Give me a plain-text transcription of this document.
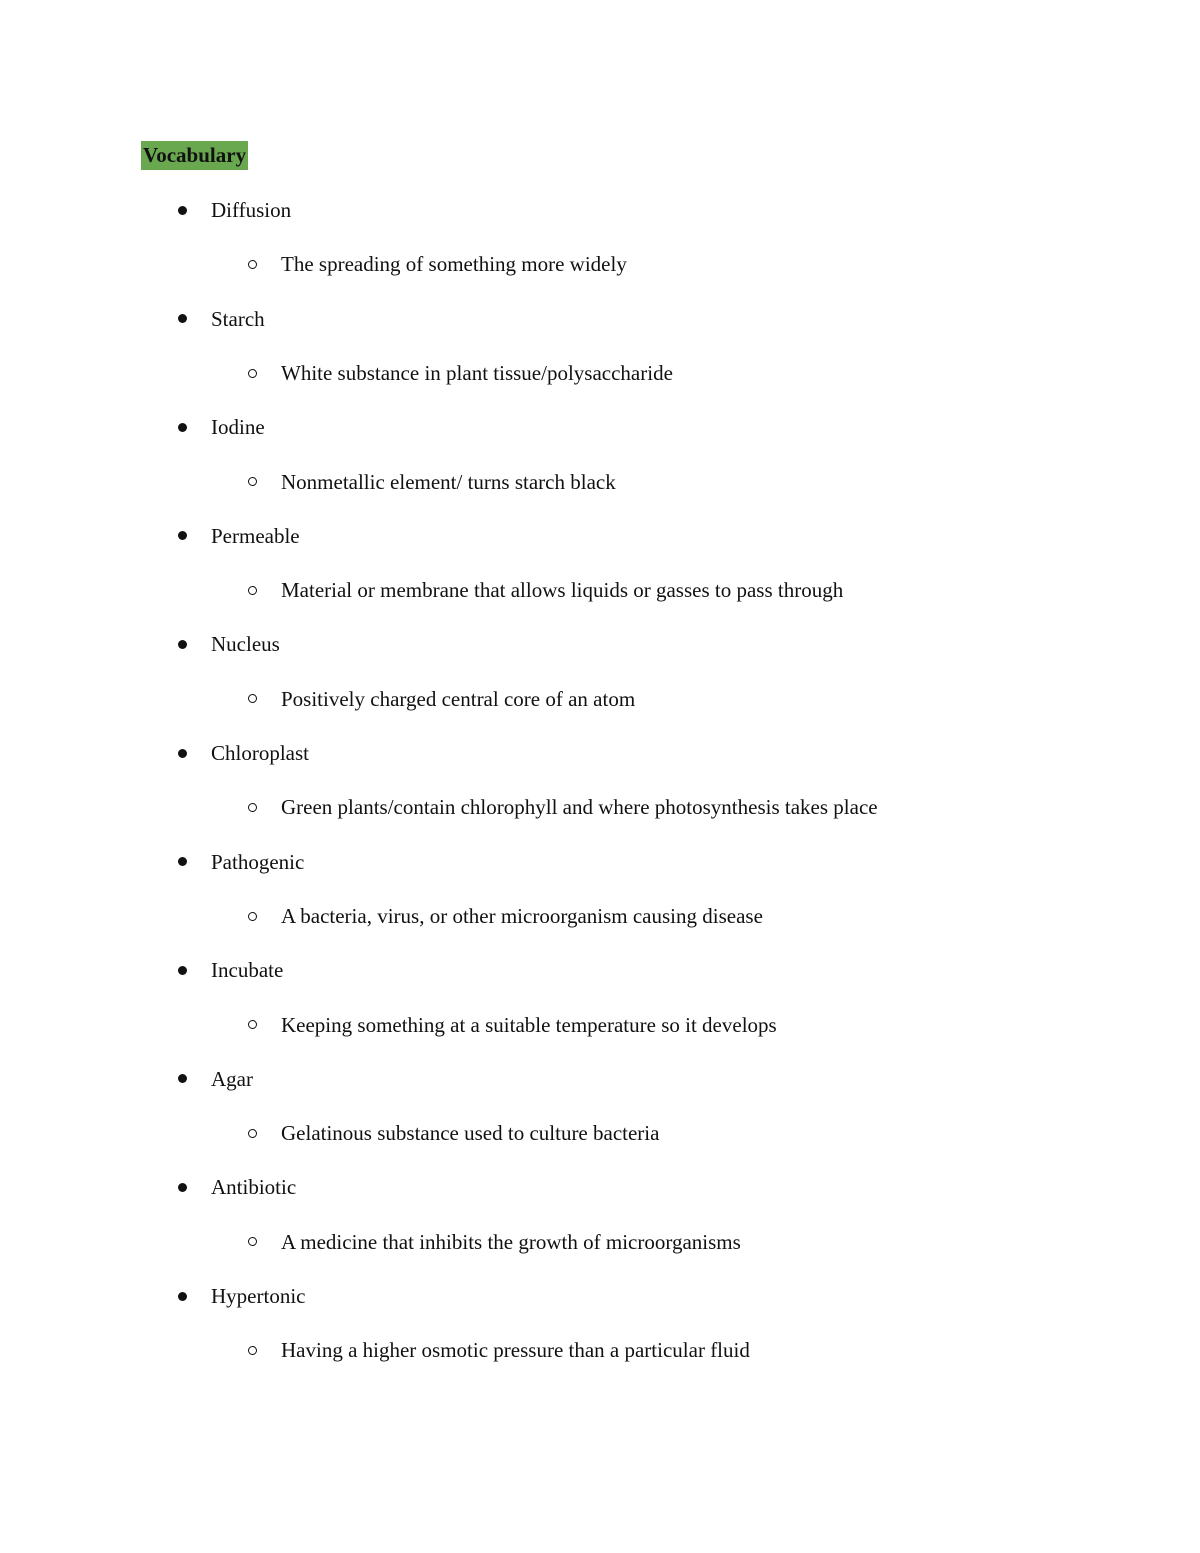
Vocabulary
Diffusion
The spreading of something more widely
Starch
White substance in plant tissue/polysaccharide
Iodine
Nonmetallic element/ turns starch black
Permeable
Material or membrane that allows liquids or gasses to pass through
Nucleus
Positively charged central core of an atom
Chloroplast
Green plants/contain chlorophyll and where photosynthesis takes place
Pathogenic
A bacteria, virus, or other microorganism causing disease
Incubate
Keeping something at a suitable temperature so it develops
Agar
Gelatinous substance used to culture bacteria
Antibiotic
A medicine that inhibits the growth of microorganisms
Hypertonic
Having a higher osmotic pressure than a particular fluid
